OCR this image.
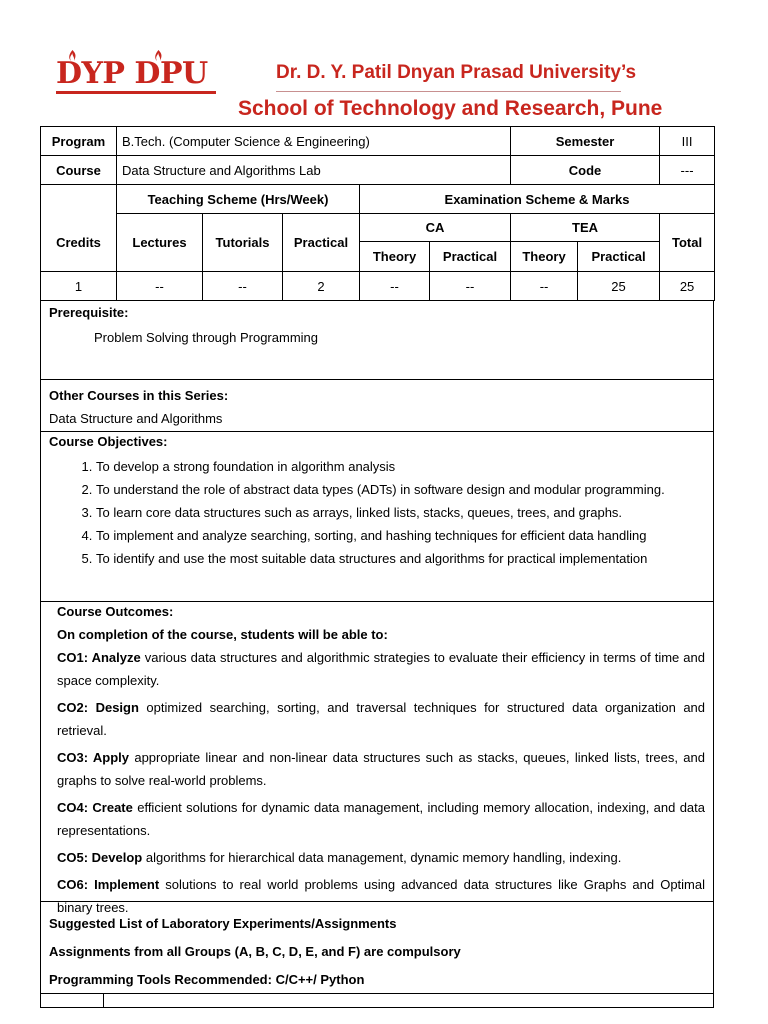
DYP DPU	Dr. D. Y. Patil Dnyan Prasad University’s
School of Technology and Research, Pune
Program	B.Tech. (Computer Science & Engineering)					Semester		III
Course	Data Structure and Algorithms Lab					Code		---
	Teaching Scheme (Hrs/Week)			Examination Scheme & Marks				
Credits	Lectures	Tutorials	Practical	CA		TEA		Total
				Theory	Practical	Theory	Practical	
1	--	--	2	--	--	--	25	25
Prerequisite:
Problem Solving through Programming
Other Courses in this Series:
Data Structure and Algorithms
Course Objectives:
1. To develop a strong foundation in algorithm analysis
2. To understand the role of abstract data types (ADTs) in software design and modular programming.
3. To learn core data structures such as arrays, linked lists, stacks, queues, trees, and graphs.
4. To implement and analyze searching, sorting, and hashing techniques for efficient data handling
5. To identify and use the most suitable data structures and algorithms for practical implementation
Course Outcomes:
On completion of the course, students will be able to:
CO1: Analyze various data structures and algorithmic strategies to evaluate their efficiency in terms of time and space complexity.
CO2: Design optimized searching, sorting, and traversal techniques for structured data organization and retrieval.
CO3: Apply appropriate linear and non-linear data structures such as stacks, queues, linked lists, trees, and graphs to solve real-world problems.
CO4: Create efficient solutions for dynamic data management, including memory allocation, indexing, and data representations.
CO5: Develop algorithms for hierarchical data management, dynamic memory handling, indexing.
CO6: Implement solutions to real world problems using advanced data structures like Graphs and Optimal binary trees.
Suggested List of Laboratory Experiments/Assignments
Assignments from all Groups (A, B, C, D, E, and F) are compulsory
Programming Tools Recommended: C/C++/ Python
